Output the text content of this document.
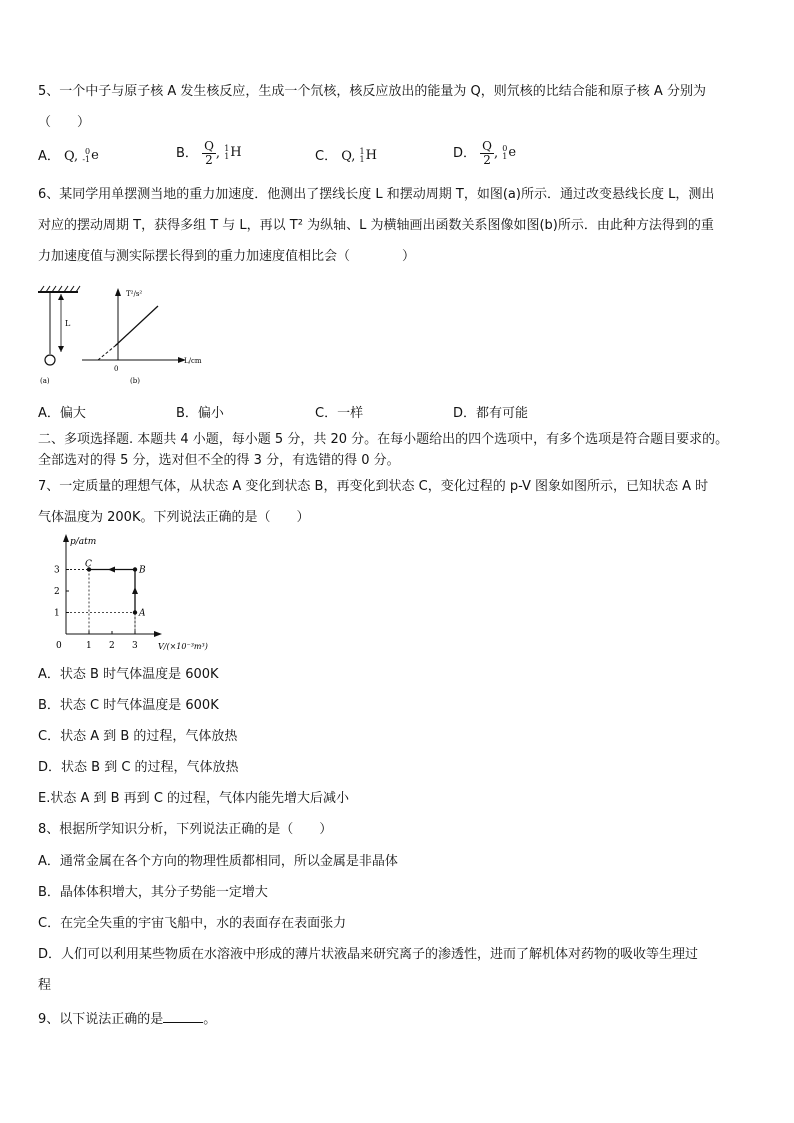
5、一个中子与原子核 A 发生核反应，生成一个氘核，核反应放出的能量为 Q，则氘核的比结合能和原子核 A 分别为
（　　）
A． Q, 0
-1 e	B． $\frac{Q}{2}$ , 1
1 H	C． Q, 1
1 H	D． $\frac{Q}{2}$ , 0
1 e
6、某同学用单摆测当地的重力加速度．他测出了摆线长度 L 和摆动周期 T，如图(a)所示．通过改变悬线长度 L，测出
对应的摆动周期 T，获得多组 T 与 L，再以 T² 为纵轴、L 为横轴画出函数关系图像如图(b)所示．由此种方法得到的重
力加速度值与测实际摆长得到的重力加速度值相比会（　　　　）
L
(a)
T²/s²
L/cm
0
(b)
A．偏大	B．偏小	C．一样	D．都有可能
二、多项选择题. 本题共 4 小题，每小题 5 分，共 20 分。在每小题给出的四个选项中，有多个选项是符合题目要求的。
全部选对的得 5 分，选对但不全的得 3 分，有选错的得 0 分。
7、一定质量的理想气体，从状态 A 变化到状态 B，再变化到状态 C，变化过程的 p-V 图象如图所示，已知状态 A 时
气体温度为 200K。下列说法正确的是（　　）
p/atm
V/(×10⁻³m³)
0	1 2 3
1
2
3
A
B
C
A．状态 B 时气体温度是 600K
B．状态 C 时气体温度是 600K
C．状态 A 到 B 的过程，气体放热
D．状态 B 到 C 的过程，气体放热
E.状态 A 到 B 再到 C 的过程，气体内能先增大后减小
8、根据所学知识分析，下列说法正确的是（　　）
A．通常金属在各个方向的物理性质都相同，所以金属是非晶体
B．晶体体积增大，其分子势能一定增大
C．在完全失重的宇宙飞船中，水的表面存在表面张力
D．人们可以利用某些物质在水溶液中形成的薄片状液晶来研究离子的渗透性，进而了解机体对药物的吸收等生理过
程
9、以下说法正确的是	。
